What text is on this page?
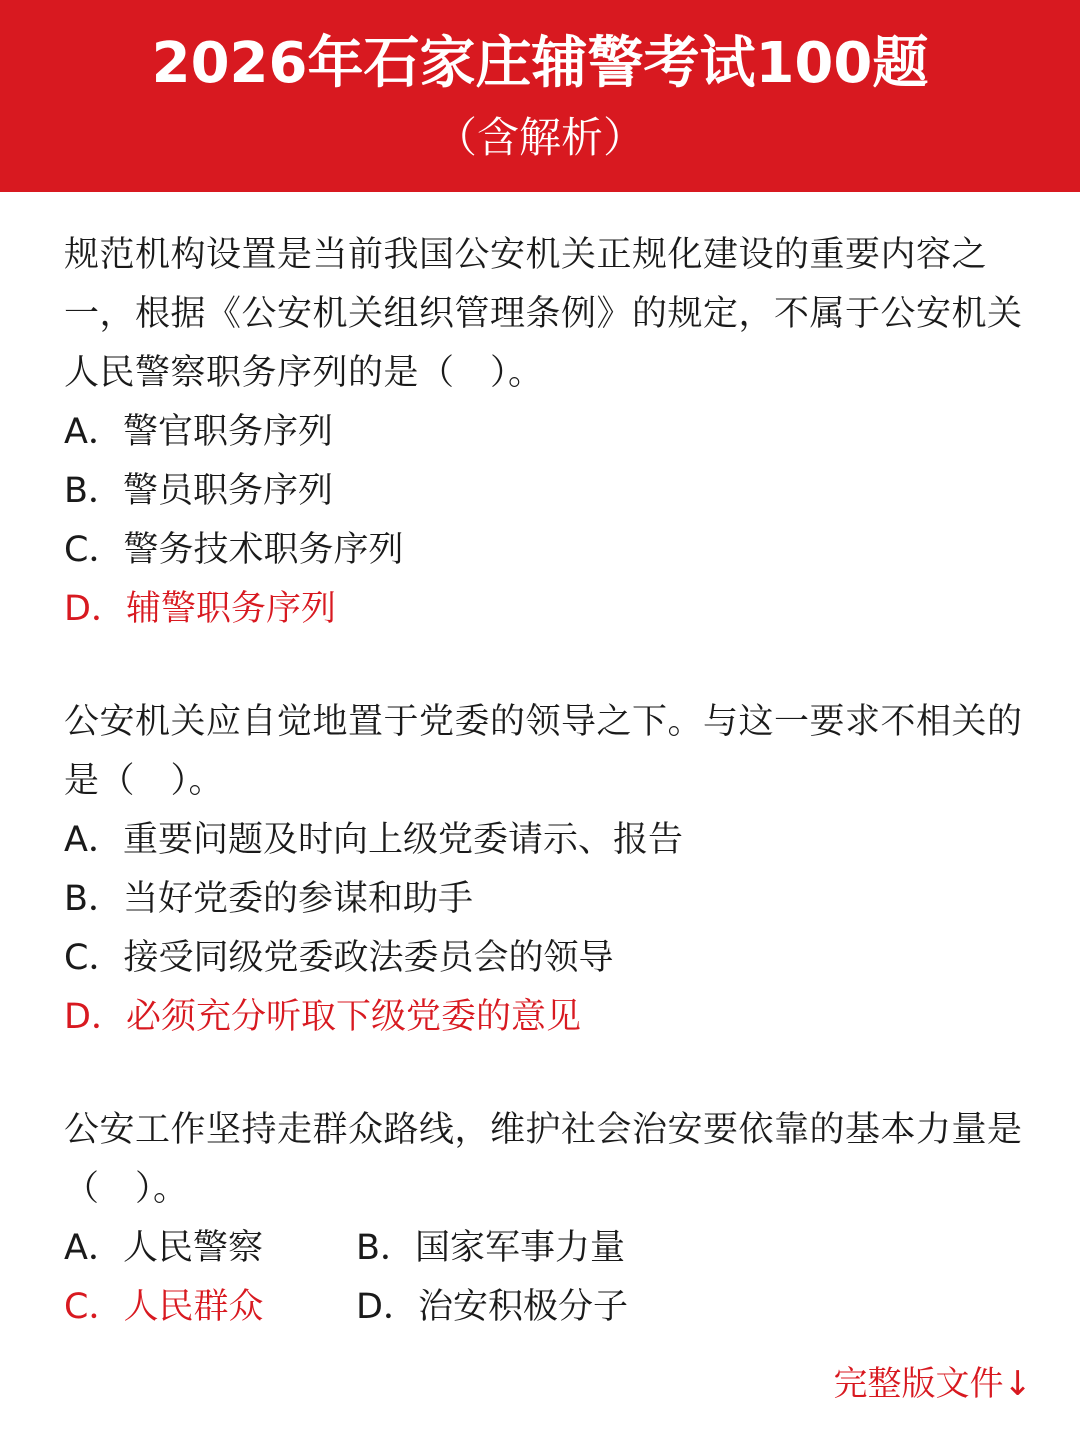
2026年石家庄辅警考试100题
（含解析）

规范机构设置是当前我国公安机关正规化建设的重要内容之一，根据《公安机关组织管理条例》的规定，不属于公安机关人民警察职务序列的是（　）。

A．警官职务序列

B．警员职务序列

C．警务技术职务序列

D．辅警职务序列

公安机关应自觉地置于党委的领导之下。与这一要求不相关的是（　）。

A．重要问题及时向上级党委请示、报告

B．当好党委的参谋和助手

C．接受同级党委政法委员会的领导

D．必须充分听取下级党委的意见

公安工作坚持走群众路线，维护社会治安要依靠的基本力量是（　）。

A．人民警察	B．国家军事力量

C．人民群众	D．治安积极分子

完整版文件↓
